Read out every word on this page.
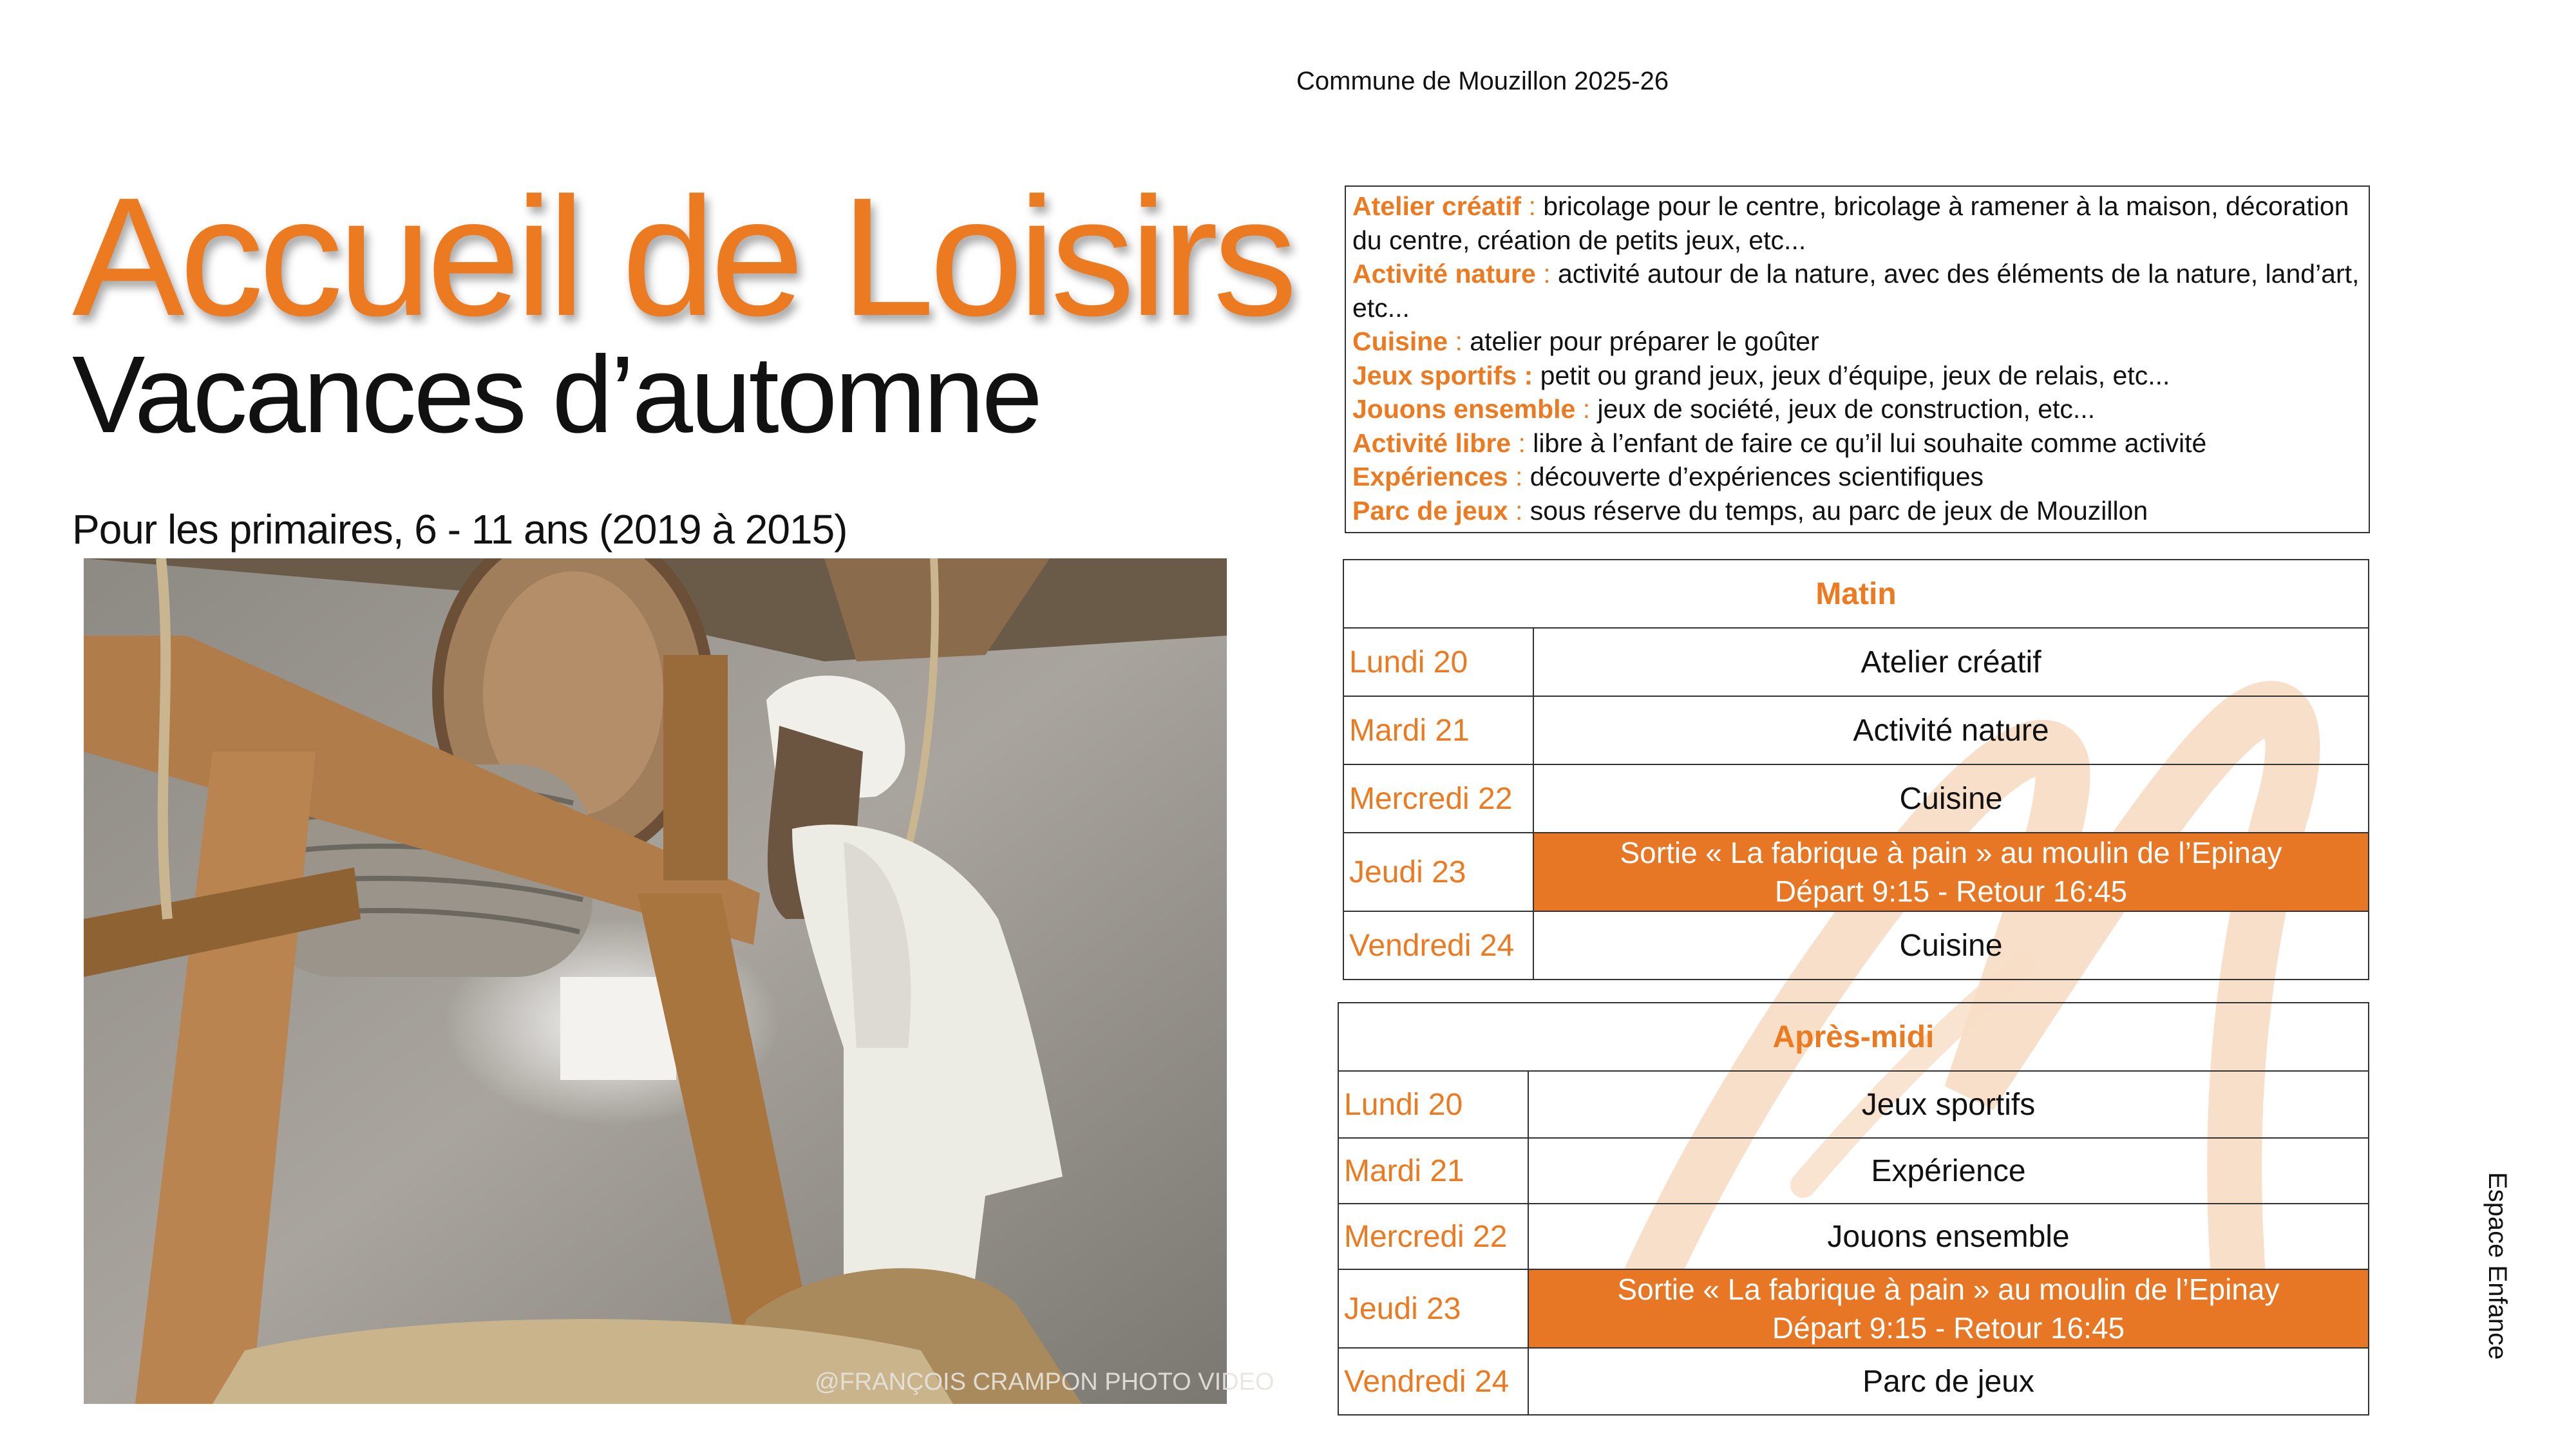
Commune de Mouzillon 2025-26
Accueil de Loisirs
Vacances d’automne
Pour les primaires, 6 - 11 ans (2019 à 2015)
@FRANÇOIS CRAMPON PHOTO VIDEO
Atelier créatif : bricolage pour le centre, bricolage à ramener à la maison, décoration du centre, création de petits jeux, etc...
Activité nature : activité autour de la nature, avec des éléments de la nature, land’art, etc...
Cuisine : atelier pour préparer le goûter
Jeux sportifs : petit ou grand jeux, jeux d’équipe, jeux de relais, etc...
Jouons ensemble : jeux de société, jeux de construction, etc...
Activité libre : libre à l’enfant de faire ce qu’il lui souhaite comme activité
Expériences : découverte d’expériences scientifiques
Parc de jeux : sous réserve du temps, au parc de jeux de Mouzillon
Matin	
Lundi 20	Atelier créatif
Mardi 21	Activité nature
Mercredi 22	Cuisine
Jeudi 23	Sortie « La fabrique à pain » au moulin de l’Epinay
Départ 9:15 - Retour 16:45

Vendredi 24	Cuisine
Après-midi	
Lundi 20	Jeux sportifs
Mardi 21	Expérience
Mercredi 22	Jouons ensemble
Jeudi 23	Sortie « La fabrique à pain » au moulin de l’Epinay
Départ 9:15 - Retour 16:45

Vendredi 24	Parc de jeux
Espace Enfance
